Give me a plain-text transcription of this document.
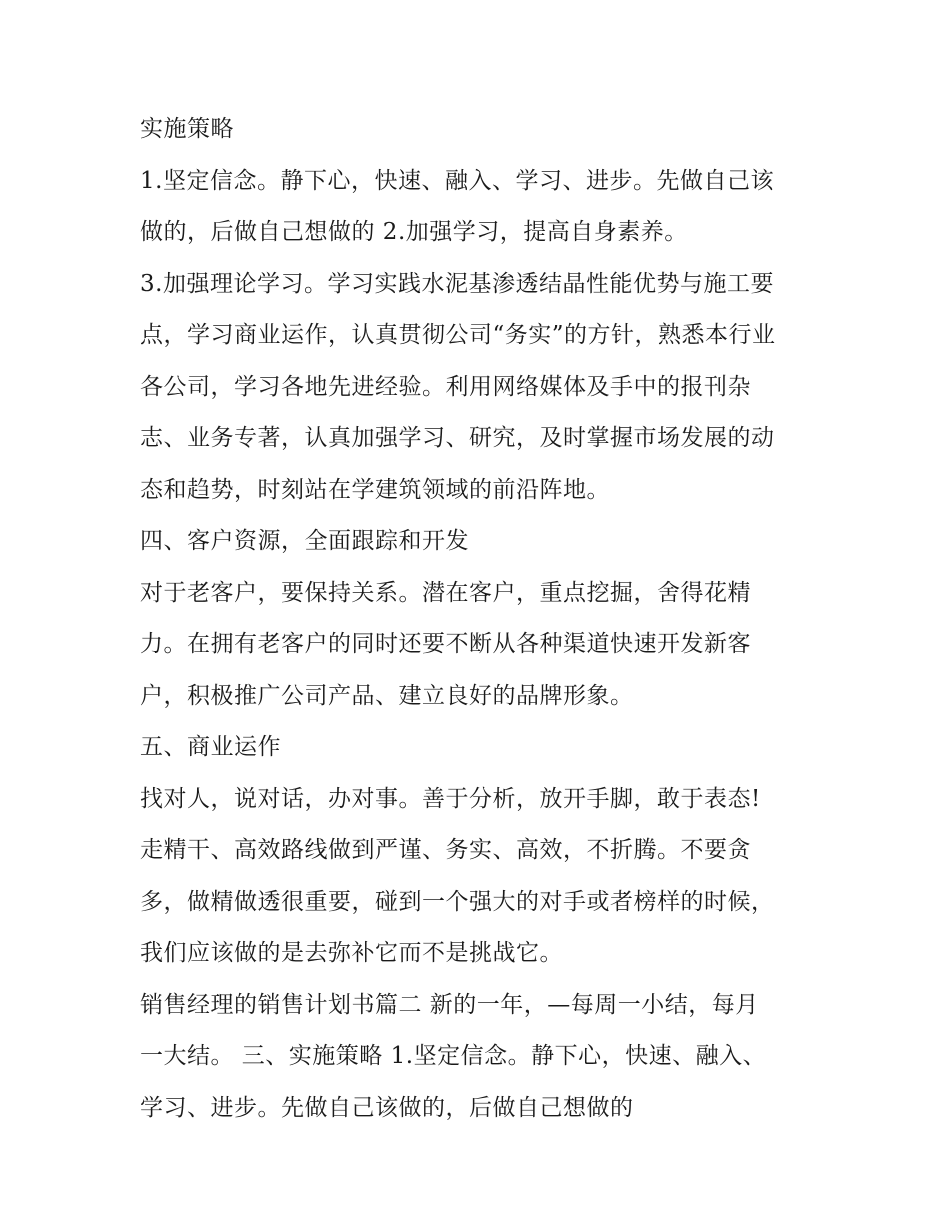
实施策略
1.坚定信念。静下心，快速、融入、学习、进步。先做自己该
做的，后做自己想做的 2.加强学习，提高自身素养。
3.加强理论学习。学习实践水泥基渗透结晶性能优势与施工要
点，学习商业运作，认真贯彻公司“务实”的方针，熟悉本行业
各公司，学习各地先进经验。利用网络媒体及手中的报刊杂
志、业务专著，认真加强学习、研究，及时掌握市场发展的动
态和趋势，时刻站在学建筑领域的前沿阵地。
四、客户资源，全面跟踪和开发
对于老客户，要保持关系。潜在客户，重点挖掘，舍得花精
力。在拥有老客户的同时还要不断从各种渠道快速开发新客
户，积极推广公司产品、建立良好的品牌形象。
五、商业运作
找对人，说对话，办对事。善于分析，放开手脚，敢于表态!
走精干、高效路线做到严谨、务实、高效，不折腾。不要贪
多，做精做透很重要，碰到一个强大的对手或者榜样的时候，
我们应该做的是去弥补它而不是挑战它。
销售经理的销售计划书篇二 新的一年，—每周一小结，每月
一大结。 三、实施策略 1.坚定信念。静下心，快速、融入、
学习、进步。先做自己该做的，后做自己想做的
